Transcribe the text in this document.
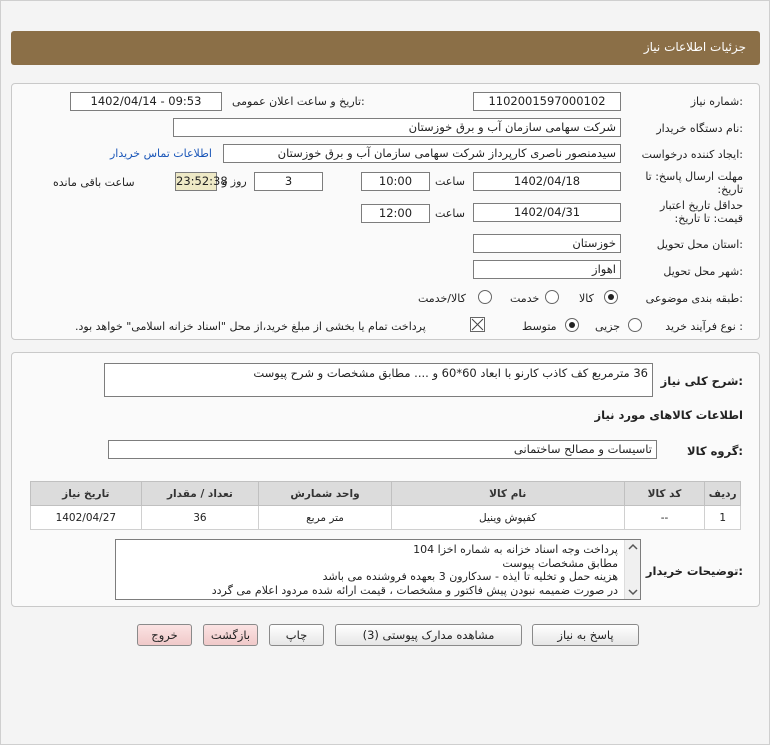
جزئیات اطلاعات نیاز
شماره نیاز:
1102001597000102
تاریخ و ساعت اعلان عمومی:
1402/04/14 - 09:53
نام دستگاه خریدار:
شرکت سهامی سازمان آب و برق خوزستان
ایجاد کننده درخواست:
سیدمنصور ناصری کارپرداز شرکت سهامی سازمان آب و برق خوزستان
اطلاعات تماس خریدار
مهلت ارسال پاسخ: تا تاریخ:
1402/04/18
ساعت
10:00
3
روز و
23:52:38
ساعت باقی مانده
حداقل تاریخ اعتبار قیمت: تا تاریخ:
1402/04/31
ساعت
12:00
استان محل تحویل:
خوزستان
شهر محل تحویل:
اهواز
طبقه بندی موضوعی:
کالا
خدمت
کالا/خدمت
نوع فرآیند خرید :
جزیی
متوسط
پرداخت تمام یا بخشی از مبلغ خرید،از محل "اسناد خزانه اسلامی" خواهد بود.
شرح کلی نیاز:
36 مترمربع کف کاذب کارنو با ابعاد 60*60 و .... مطابق مشخصات و شرح پیوست
اطلاعات کالاهای مورد نیاز
گروه کالا:
تاسیسات و مصالح ساختمانی
تاریخ نیاز	تعداد / مقدار	واحد شمارش	نام کالا	کد کالا	ردیف
1402/04/27	36	متر مربع	کفپوش وینیل	--	1
توضیحات خریدار:
پرداخت وجه اسناد خزانه به شماره اخزا 104
مطابق مشخصات پیوست
هزینه حمل و تخلیه تا ایذه - سدکارون 3 بعهده فروشنده می باشد
در صورت ضمیمه نبودن پیش فاکتور و مشخصات ، قیمت ارائه شده مردود اعلام می گردد
پاسخ به نیاز
مشاهده مدارک پیوستی (3)
چاپ
بازگشت
خروج
